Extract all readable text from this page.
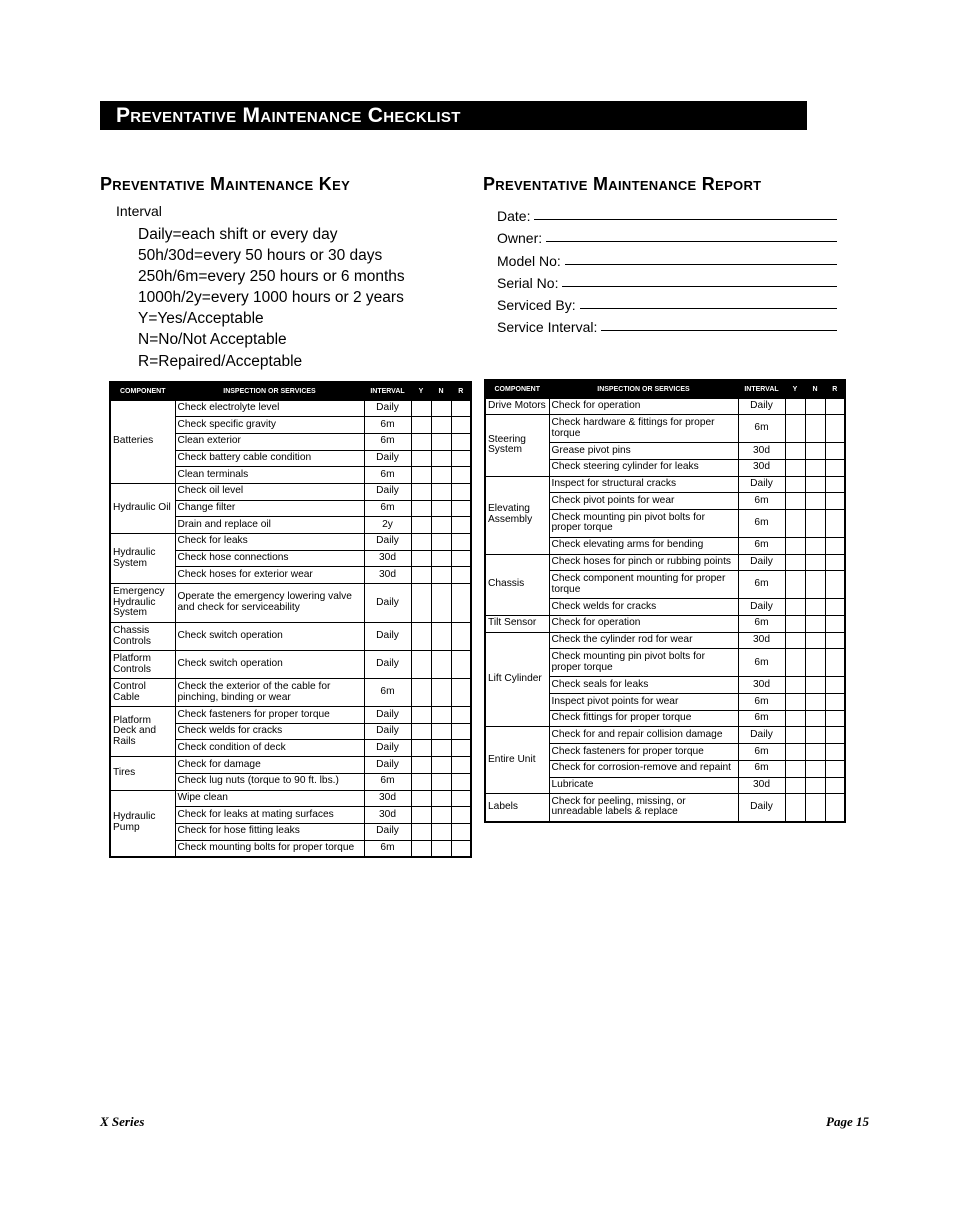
Preventative Maintenance Checklist
Preventative Maintenance Key
Interval
Daily=each shift or every day
50h/30d=every 50 hours or 30 days
250h/6m=every 250 hours or 6 months
1000h/2y=every 1000 hours or 2 years
Y=Yes/Acceptable
N=No/Not Acceptable
R=Repaired/Acceptable
Preventative Maintenance Report
Date:
Owner:
Model No:
Serial No:
Serviced By:
Service Interval:
COMPONENT	INSPECTION OR SERVICES	INTERVAL	Y	N	R
Batteries	Check electrolyte level	Daily			
	Check specific gravity	6m			
	Clean exterior	6m			
	Check battery cable condition	Daily			
	Clean terminals	6m			
Hydraulic Oil	Check oil level	Daily			
	Change filter	6m			
	Drain and replace oil	2y			
Hydraulic System	Check for leaks	Daily			
	Check hose connections	30d			
	Check hoses for exterior wear	30d			
Emergency Hydraulic System	Operate the emergency lowering valve and check for serviceability	Daily			
Chassis Controls	Check switch operation	Daily			
Platform Controls	Check switch operation	Daily			
Control Cable	Check the exterior of the cable for pinching, binding or wear	6m			
Platform Deck and Rails	Check fasteners for proper torque	Daily			
	Check welds for cracks	Daily			
	Check condition of deck	Daily			
Tires	Check for damage	Daily			
	Check lug nuts (torque to 90 ft. lbs.)	6m			
Hydraulic Pump	Wipe clean	30d			
	Check for leaks at mating surfaces	30d			
	Check for hose fitting leaks	Daily			
	Check mounting bolts for proper torque	6m			
COMPONENT	INSPECTION OR SERVICES	INTERVAL	Y	N	R
Drive Motors	Check for operation	Daily			
Steering System	Check hardware & fittings for proper torque	6m			
	Grease pivot pins	30d			
	Check steering cylinder for leaks	30d			
Elevating Assembly	Inspect for structural cracks	Daily			
	Check pivot points for wear	6m			
	Check mounting pin pivot bolts for proper torque	6m			
	Check elevating arms for bending	6m			
Chassis	Check hoses for pinch or rubbing points	Daily			
	Check component mounting for proper torque	6m			
	Check welds for cracks	Daily			
Tilt Sensor	Check for operation	6m			
Lift Cylinder	Check the cylinder rod for wear	30d			
	Check mounting pin pivot bolts for proper torque	6m			
	Check seals for leaks	30d			
	Inspect pivot points for wear	6m			
	Check fittings for proper torque	6m			
Entire Unit	Check for and repair collision damage	Daily			
	Check fasteners for proper torque	6m			
	Check for corrosion-remove and repaint	6m			
	Lubricate	30d			
Labels	Check for peeling, missing, or unreadable labels & replace	Daily			
X Series	Page 15
